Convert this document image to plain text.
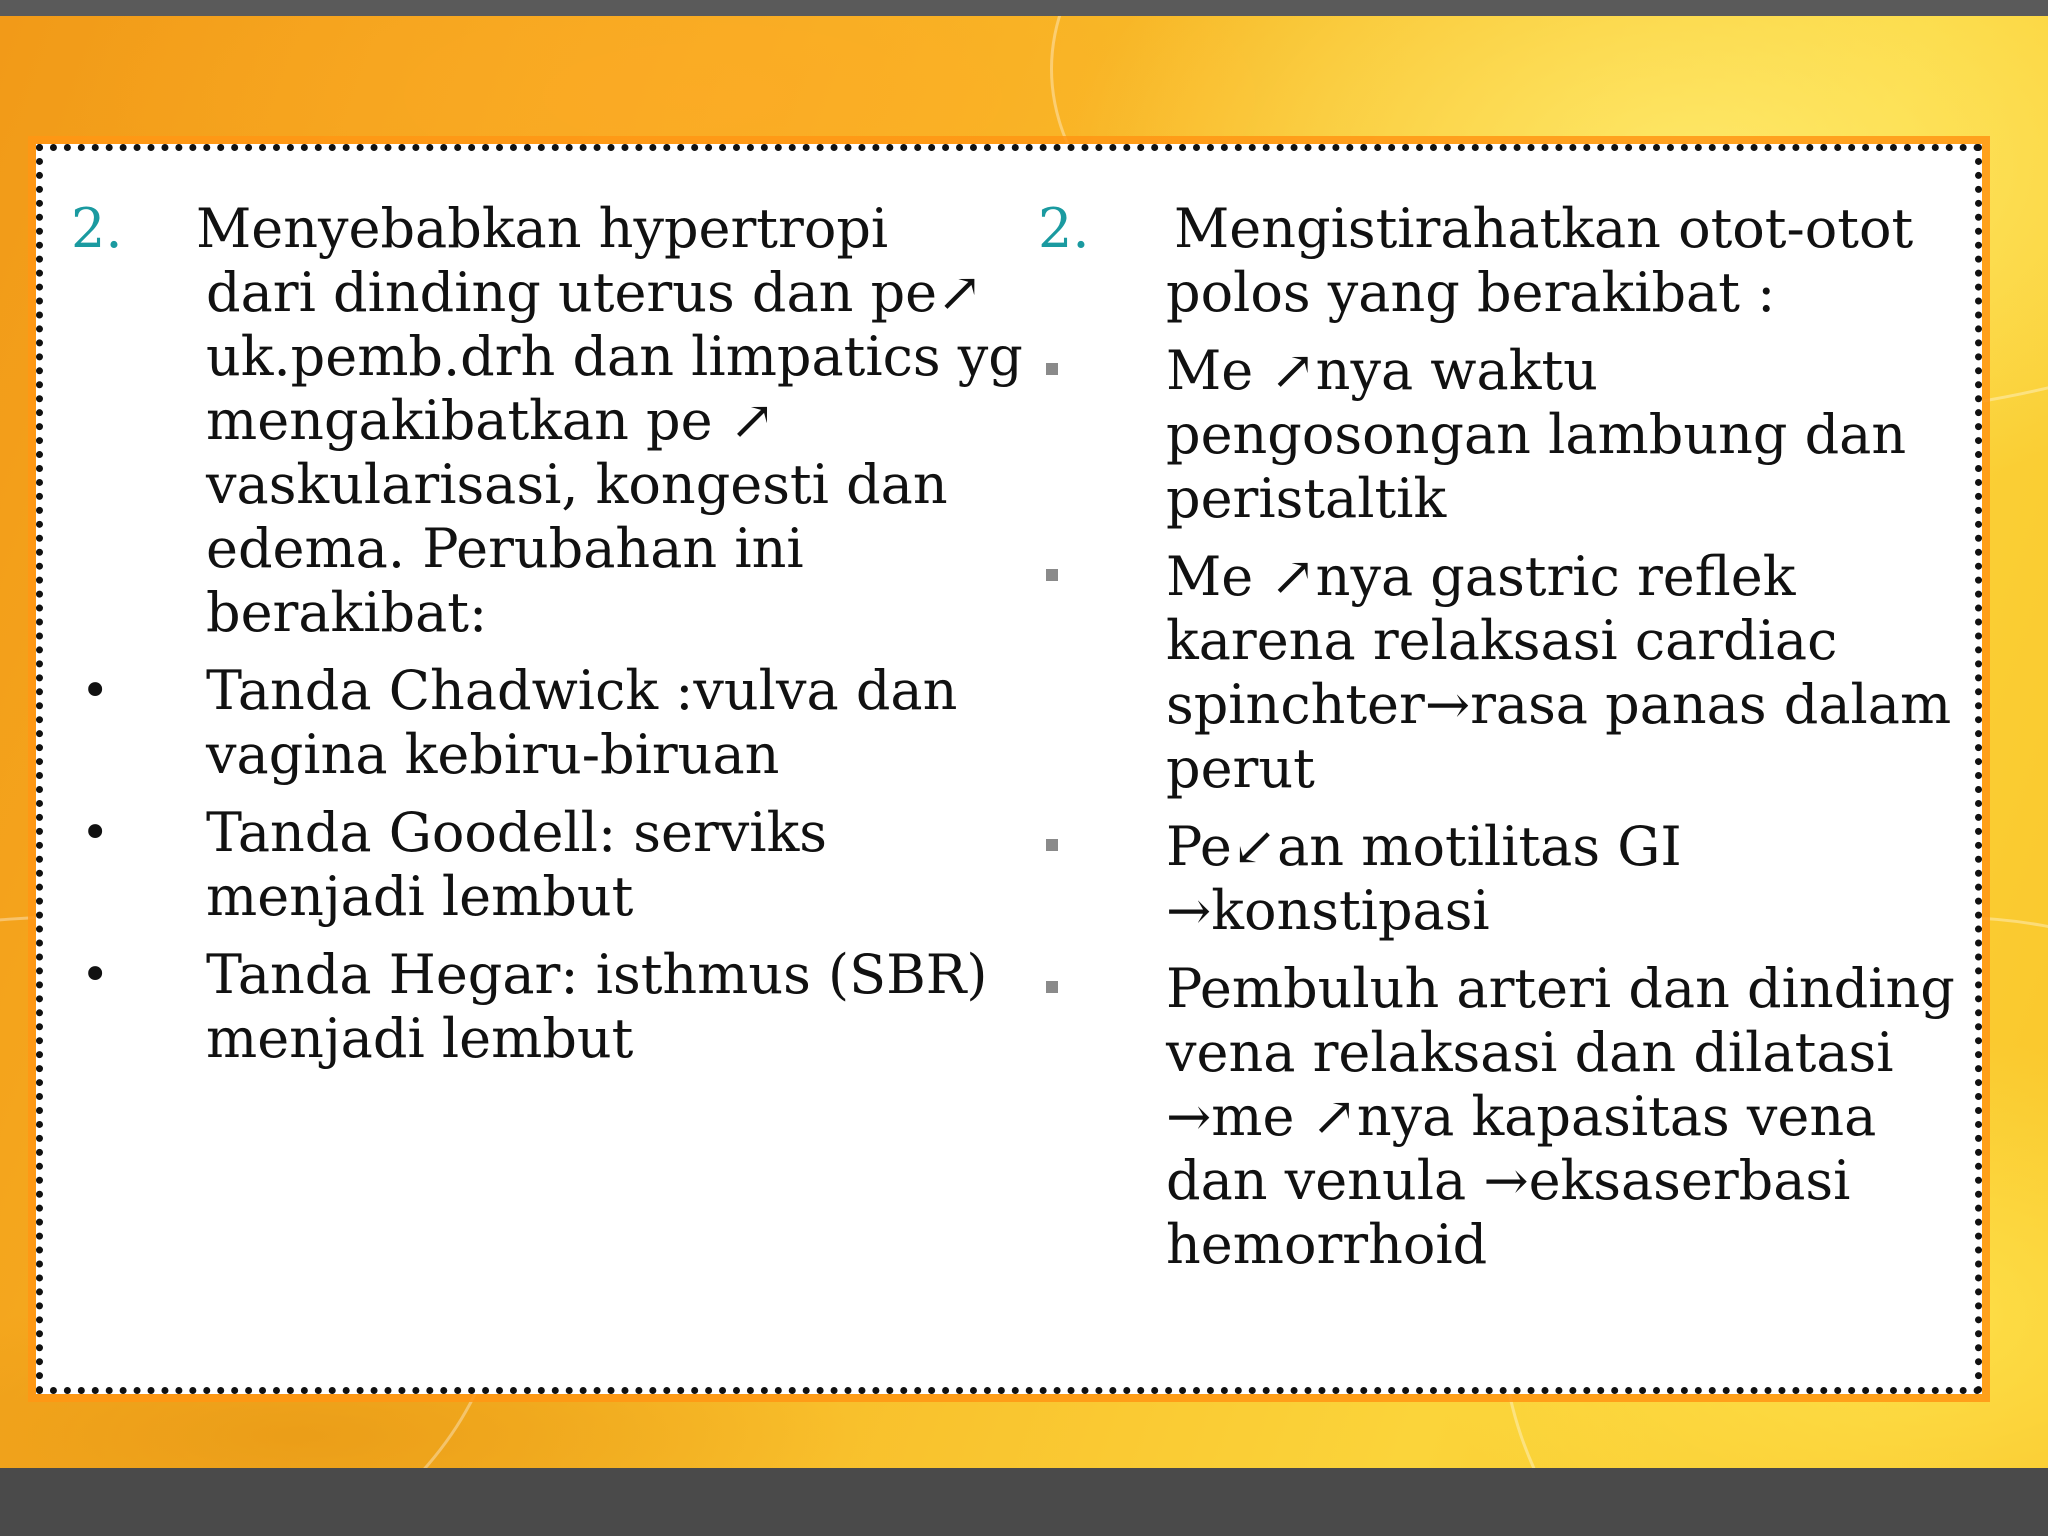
2. Menyebabkan hypertropi
dari dinding uterus dan pe↗ uk.pemb.drh dan limpatics yg mengakibatkan pe ↗ vaskularisasi, kongesti dan edema. Perubahan ini berakibat:
•	Tanda Chadwick :vulva dan vagina kebiru-biruan
•	Tanda Goodell: serviks menjadi lembut
•	Tanda Hegar: isthmus (SBR) menjadi lembut
2. Mengistirahatkan otot-otot
polos yang berakibat :
Me ↗nya waktu pengosongan lambung dan peristaltik
Me ↗nya gastric reflek karena relaksasi cardiac spinchter→rasa panas dalam perut
Pe↙an motilitas GI →konstipasi
Pembuluh arteri dan dinding vena relaksasi dan dilatasi →me ↗nya kapasitas vena dan venula →eksaserbasi hemorrhoid
